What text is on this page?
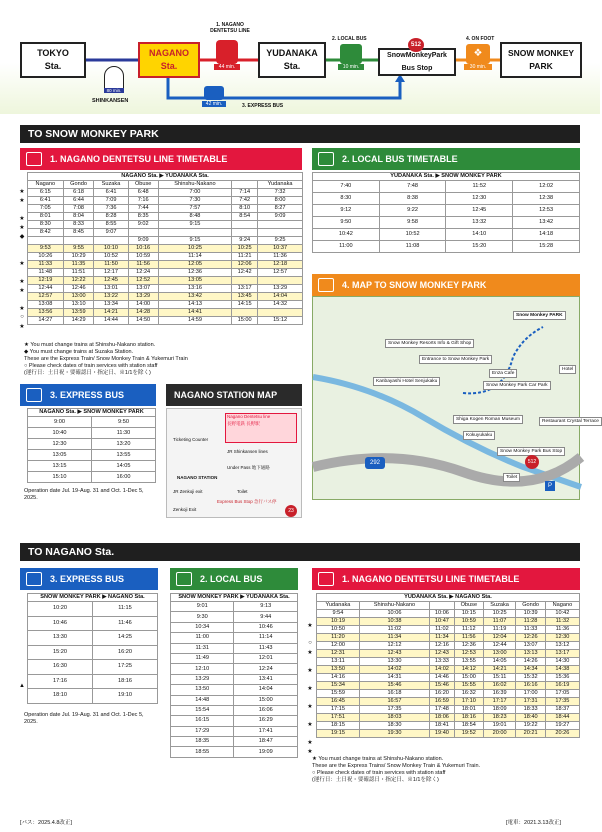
TOKYO
Sta.
NAGANO
Sta.
YUDANAKA
Sta.
SnowMonkeyPark
Bus Stop
512
SNOW MONKEY
PARK
SHINKANSEN
80 min.
1. NAGANO DENTETSU LINE
44 min.
2. LOCAL BUS
10 min.
4. ON FOOT
❖
30 min.
42 min.	3. EXPRESS BUS
TO SNOW MONKEY PARK
1. NAGANO DENTETSU LINE TIMETABLE
NAGANO Sta. ▶ YUDANAKA Sta.						
Nagano	Gondo	Suzaka	Obuse	Shinshu-Nakano		Yudanaka
6:15	6:18	6:41	6:48	7:00	7:14	7:32
6:41	6:44	7:09	7:16	7:30	7:42	8:00
7:05	7:08	7:36	7:44	7:57	8:10	8:27
8:01	8:04	8:28	8:35	8:48	8:54	9:09
8:30	8:33	8:55	9:02	9:15		
8:42	8:45	9:07				
			9:09	9:15	9:24	9:25
9:53	9:55	10:10	10:16	10:25	10:25	10:37
10:26	10:29	10:52	10:59	11:14	11:21	11:36
11:33	11:35	11:50	11:56	12:05	12:06	12:18
11:48	11:51	12:17	12:24	12:36	12:42	12:57
12:19	12:22	12:45	12:52	13:05		
12:44	12:46	13:01	13:07	13:16	13:17	13:29
12:57	13:00	13:22	13:29	13:42	13:45	14:04
13:08	13:10	13:34	14:00	14:13	14:15	14:32
13:56	13:59	14:21	14:28	14:41		
14:27	14:29	14:44	14:50	14:59	15:00	15:12
★
★
★
★
◆
★
★
★
★
○
★
★ You must change trains at Shinshu-Nakano station.
◆ You must change trains at Suzaka Station.
These are the Express Train/ Snow Monkey Train & Yukemuri Train
○ Please check dates of train services with station staff
(運行日：土日祝・要確認日・指定日、※1/1を除く)
2. LOCAL BUS TIMETABLE
YUDANAKA Sta. ▶ SNOW MONKEY PARK			
7:40	7:48	11:52	12:02
8:30	8:38	12:30	12:38
9:12	9:22	12:45	12:53
9:50	9:58	13:32	13:42
10:42	10:52	14:10	14:18
11:00	11:08	15:20	15:28
4. MAP TO SNOW MONKEY PARK
Snow Monkey PARK
Snow Monkey Resorts Info & Gift Shop
Entrance to Snow Monkey Park
Enza Cafe
Kanbayashi Hotel Senjukaku
Snow Monkey Park Car Park
Shiga Kogen Roman Museum	Restaurant Crystal Terrace
Snow Monkey Park Bus Stop
Toilet
Kokuyukaku
Hotel
292	512
P
3. EXPRESS BUS
NAGANO Sta. ▶ SNOW MONKEY PARK	
9:00	9:50
10:40	11:30
12:30	13:20
13:05	13:55
13:15	14:05
15:10	16:00
Operation date Jul. 19-Aug. 31 and Oct. 1-Dec 5, 2025.
NAGANO STATION MAP
Nagano Dentetsu line
長野電鉄 長野駅
Ticketing Counter
JR Shinkansen lines
Under Pass 地下通路
NAGANO STATION
Toilet
Express Bus Stop 急行バス停
JR Zenkoji exit
Zenkoji Exit	23
TO NAGANO Sta.
3. EXPRESS BUS
SNOW MONKEY PARK ▶ NAGANO Sta.	
10:20	11:15
10:46	11:46
13:30	14:25
15:20	16:20
16:30	17:25
17:16	18:16
18:10	19:10
Operation date Jul. 19-Aug. 31 and Oct. 1-Dec 5, 2025.
▲
2. LOCAL BUS
SNOW MONKEY PARK ▶ YUDANAKA Sta.	
9:01	9:13
9:30	9:44
10:34	10:46
11:00	11:14
11:31	11:43
11:49	12:01
12:10	12:24
13:29	13:41
13:50	14:04
14:48	15:00
15:54	16:06
16:15	16:29
17:29	17:41
18:35	18:47
18:55	19:09
1. NAGANO DENTETSU LINE TIMETABLE
YUDANAKA Sta. ▶ NAGANO Sta.						
Yudanaka	Shinshu-Nakano		Obuse	Suzaka	Gondo	Nagano
9:54	10:06	10:06	10:15	10:25	10:39	10:42
10:19	10:38	10:47	10:59	11:07	11:28	11:32
10:50	11:02	11:02	11:12	11:19	11:33	11:36
11:20	11:34	11:34	11:56	12:04	12:26	12:30
12:00	12:12	12:16	12:36	12:44	13:07	13:12
12:31	12:43	12:43	12:53	13:00	13:13	13:17
13:11	13:30	13:33	13:55	14:05	14:26	14:30
13:50	14:02	14:02	14:12	14:21	14:34	14:38
14:16	14:31	14:46	15:00	15:11	15:32	15:36
15:34	15:46	15:46	15:55	16:02	16:16	16:19
15:59	16:18	16:20	16:32	16:39	17:00	17:05
16:45	16:57	16:59	17:10	17:17	17:31	17:35
17:15	17:35	17:48	18:01	18:09	18:33	18:37
17:51	18:03	18:06	18:16	18:23	18:40	18:44
18:15	18:30	18:41	18:54	19:01	19:22	19:27
19:15	19:30	19:40	19:52	20:00	20:21	20:26
★
○
★
★
★
★
★
★
★
★ You must change trains at Shinshu-Nakano station.
These are the Express Trains/ Snow Monkey Train & Yukemuri Train.
○ Please check dates of train services with station staff
(運行日：土日祝・要確認日・指定日、※1/1を除く)
[バス：2025.4.8改正]	[電車：2021.3.13改正]
